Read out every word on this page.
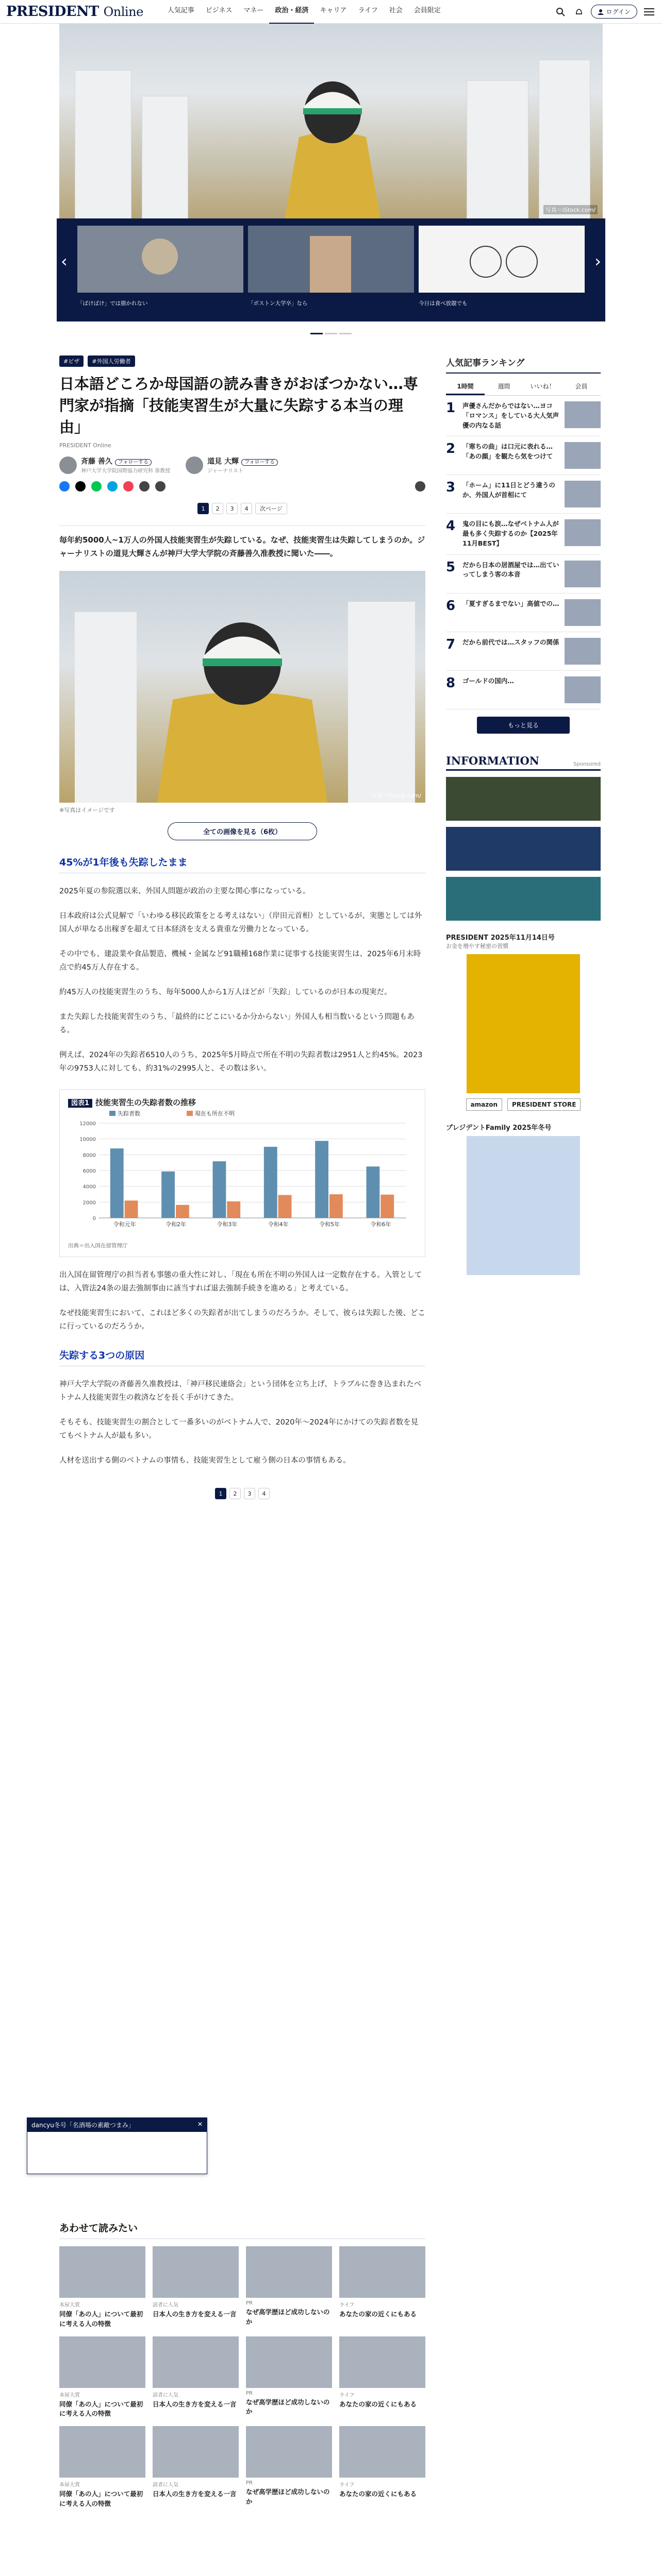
PRESIDENT Online	人気記事	ビジネス	マネー	政治・経済	キャリア	ライフ	社会	会員限定	ログイン
写真＝iStock.com/
‹
「ばけばけ」では描かれない	「ボストン大学卒」なら	今日は食べ放題でも
›
#ビザ #外国人労働者
日本語どころか母国語の読み書きがおぼつかない…専門家が指摘「技能実習生が大量に失踪する本当の理由」
PRESIDENT Online
斉藤 善久 フォローする
神戸大学大学院国際協力研究科 准教授
道見 大輝 フォローする
ジャーナリスト
1	2	3	4	次ページ
毎年約5000人~1万人の外国人技能実習生が失踪している。なぜ、技能実習生は失踪してしまうのか。ジャーナリストの道見大輝さんが神戸大学大学院の斉藤善久准教授に聞いた――。
写真＝iStock.com/
※写真はイメージです
全ての画像を見る（6枚）
45%が1年後も失踪したまま

2025年夏の参院選以来、外国人問題が政治の主要な関心事になっている。

日本政府は公式見解で「いわゆる移民政策をとる考えはない」（岸田元首相）としているが、実態としては外国人が単なる出稼ぎを超えて日本経済を支える貴重な労働力となっている。

その中でも、建設業や食品製造、機械・金属など91職種168作業に従事する技能実習生は、2025年6月末時点で約45万人存在する。

約45万人の技能実習生のうち、毎年5000人から1万人ほどが「失踪」しているのが日本の現実だ。

また失踪した技能実習生のうち、「最終的にどこにいるか分からない」外国人も相当数いるという問題もある。

例えば、2024年の失踪者6510人のうち、2025年5月時点で所在不明の失踪者数は2951人と約45%。2023年の9753人に対しても、約31%の2995人と、その数は多い。

図表1 技能実習生の失踪者数の推移
0
2000
4000
6000
8000
10000
12000
失踪者数	現在も所在不明
令和元年	令和2年	令和3年	令和4年	令和5年	令和6年
出典＝出入国在留管理庁

出入国在留管理庁の担当者も事態の重大性に対し、「現在も所在不明の外国人は一定数存在する。入管としては、入管法24条の退去強制事由に該当すれば退去強制手続きを進める」と考えている。

なぜ技能実習生において、これほど多くの失踪者が出てしまうのだろうか。そして、彼らは失踪した後、どこに行っているのだろうか。

失踪する3つの原因

神戸大学大学院の斉藤善久准教授は、「神戸移民連絡会」という団体を立ち上げ、トラブルに巻き込まれたベトナム人技能実習生の救済などを長く手がけてきた。

そもそも、技能実習生の割合として一番多いのがベトナム人で、2020年〜2024年にかけての失踪者数を見てもベトナム人が最も多い。

人材を送出する側のベトナムの事情も、技能実習生として雇う側の日本の事情もある。

1	2	3	4
人気記事ランキング
1時間	週間	いいね！	会員
1	声優さんだからではない…ヨコ「ロマンス」をしている大人気声優の内なる話
2	「寒ちの曲」は口元に表れる…「あの顔」を観たら気をつけて
3	「ホーム」に11日とどう違うのか、外国人が首相にて
4	鬼の目にも涙…なぜベトナム人が最も多く失踪するのか【2025年11月BEST】
5	だから日本の居酒屋では…出ていってしまう客の本音
6	「夏すぎるまでない」高値での…
7	だから前代では…スタッフの関係
8	ゴールドの国内…
もっと見る
INFORMATION	Sponsored
PRESIDENT 2025年11月14日号
お金を増やす秘密の習慣
amazon	PRESIDENT STORE
プレジデントFamily 2025年冬号
dancyu冬号「名酒場の素敵つまみ」	✕
あわせて読みたい
本屋大賞
同僚「あの人」について最初に考える人の特徴
読者に人気
日本人の生き方を変える一言
PR
なぜ高学歴ほど成功しないのか
ライフ
あなたの家の近くにもある
本屋大賞
同僚「あの人」について最初に考える人の特徴
読者に人気
日本人の生き方を変える一言
PR
なぜ高学歴ほど成功しないのか
ライフ
あなたの家の近くにもある
本屋大賞
同僚「あの人」について最初に考える人の特徴
読者に人気
日本人の生き方を変える一言
PR
なぜ高学歴ほど成功しないのか
ライフ
あなたの家の近くにもある
